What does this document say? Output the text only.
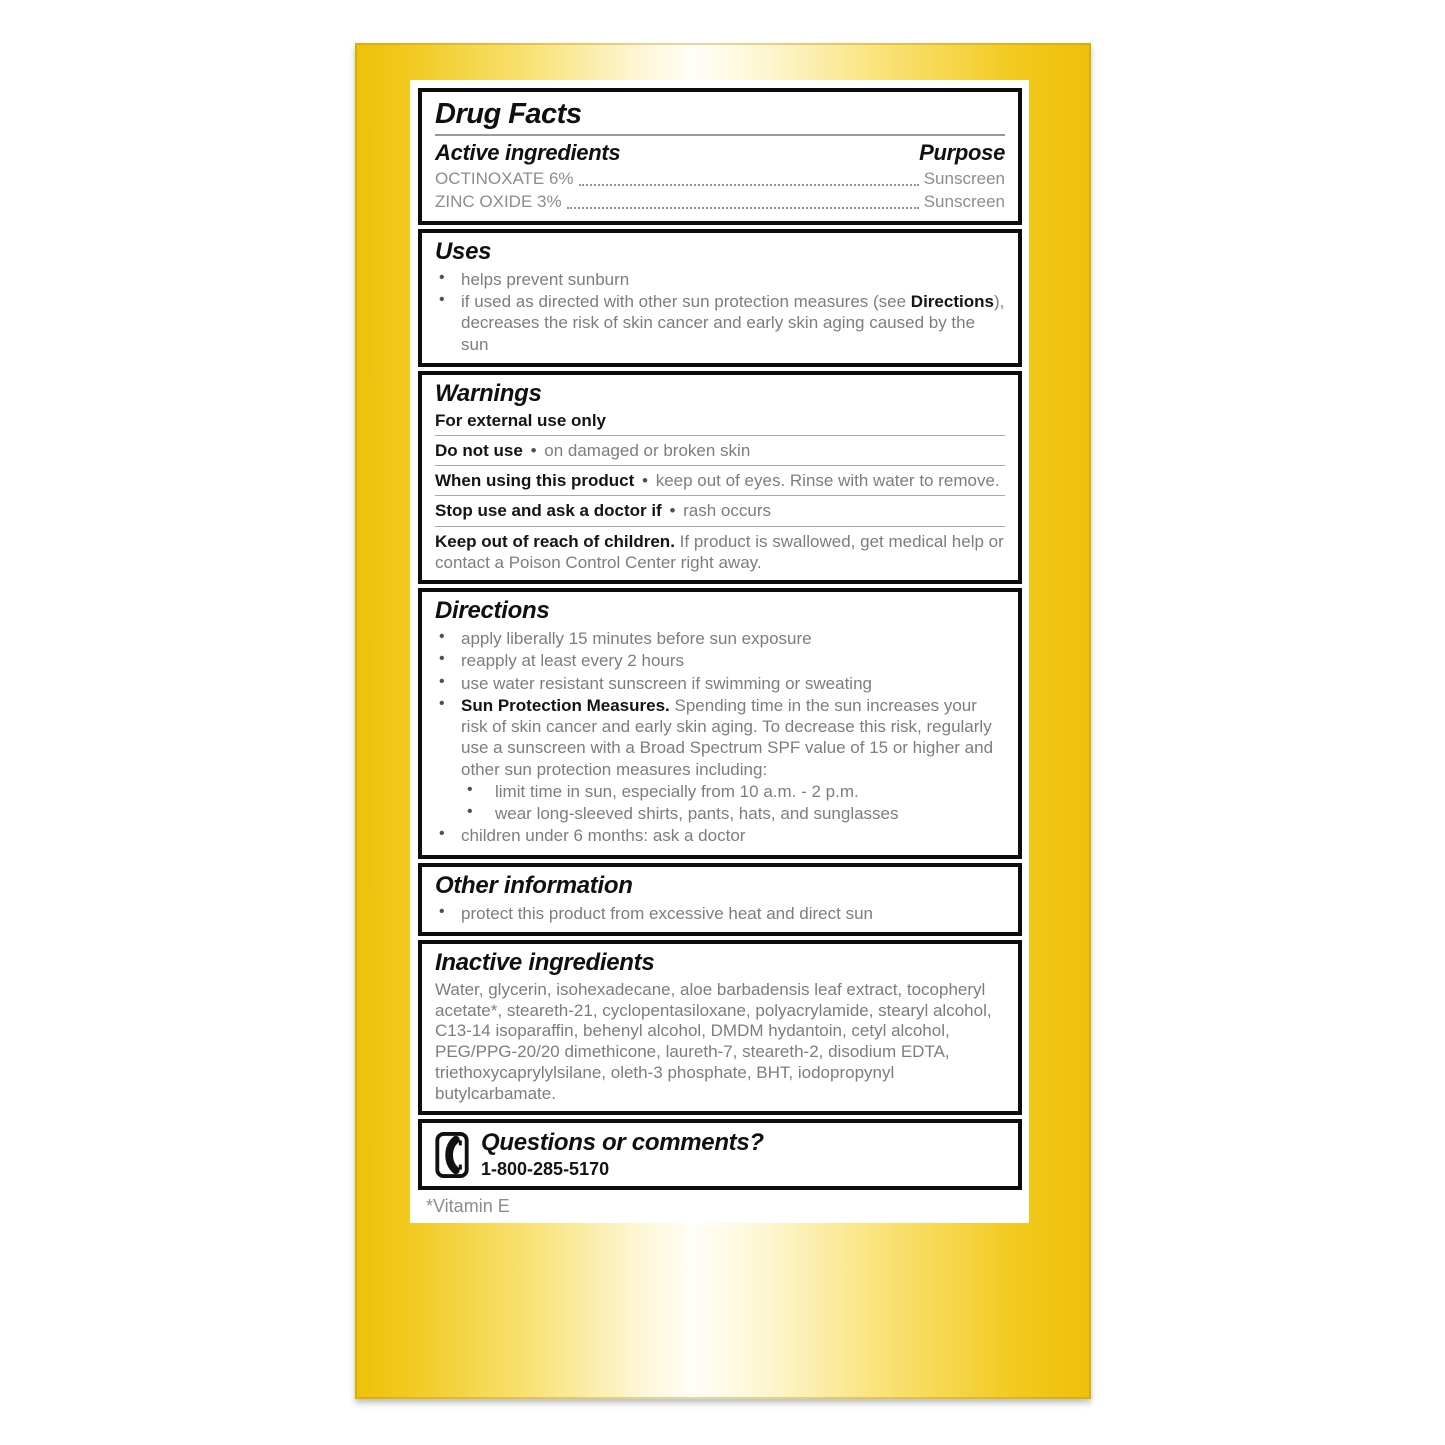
Drug Facts
Active ingredients	Purpose
OCTINOXATE 6%	Sunscreen
ZINC OXIDE 3%	Sunscreen
Uses
• helps prevent sunburn
• if used as directed with other sun protection measures (see Directions), decreases the risk of skin cancer and early skin aging caused by the sun
Warnings
For external use only
Do not use • on damaged or broken skin
When using this product • keep out of eyes. Rinse with water to remove.
Stop use and ask a doctor if • rash occurs
Keep out of reach of children. If product is swallowed, get medical help or contact a Poison Control Center right away.
Directions
• apply liberally 15 minutes before sun exposure
• reapply at least every 2 hours
• use water resistant sunscreen if swimming or sweating
• Sun Protection Measures. Spending time in the sun increases your risk of skin cancer and early skin aging. To decrease this risk, regularly use a sunscreen with a Broad Spectrum SPF value of 15 or higher and other sun protection measures including:
•	limit time in sun, especially from 10 a.m. - 2 p.m.
•	wear long-sleeved shirts, pants, hats, and sunglasses
• children under 6 months: ask a doctor
Other information
• protect this product from excessive heat and direct sun
Inactive ingredients
Water, glycerin, isohexadecane, aloe barbadensis leaf extract, tocopheryl acetate*, steareth-21, cyclopentasiloxane, polyacrylamide, stearyl alcohol, C13-14 isoparaffin, behenyl alcohol, DMDM hydantoin, cetyl alcohol, PEG/PPG-20/20 dimethicone, laureth-7, steareth-2, disodium EDTA, triethoxycaprylylsilane, oleth-3 phosphate, BHT, iodopropynyl butylcarbamate.
Questions or comments?
1-800-285-5170
*Vitamin E
